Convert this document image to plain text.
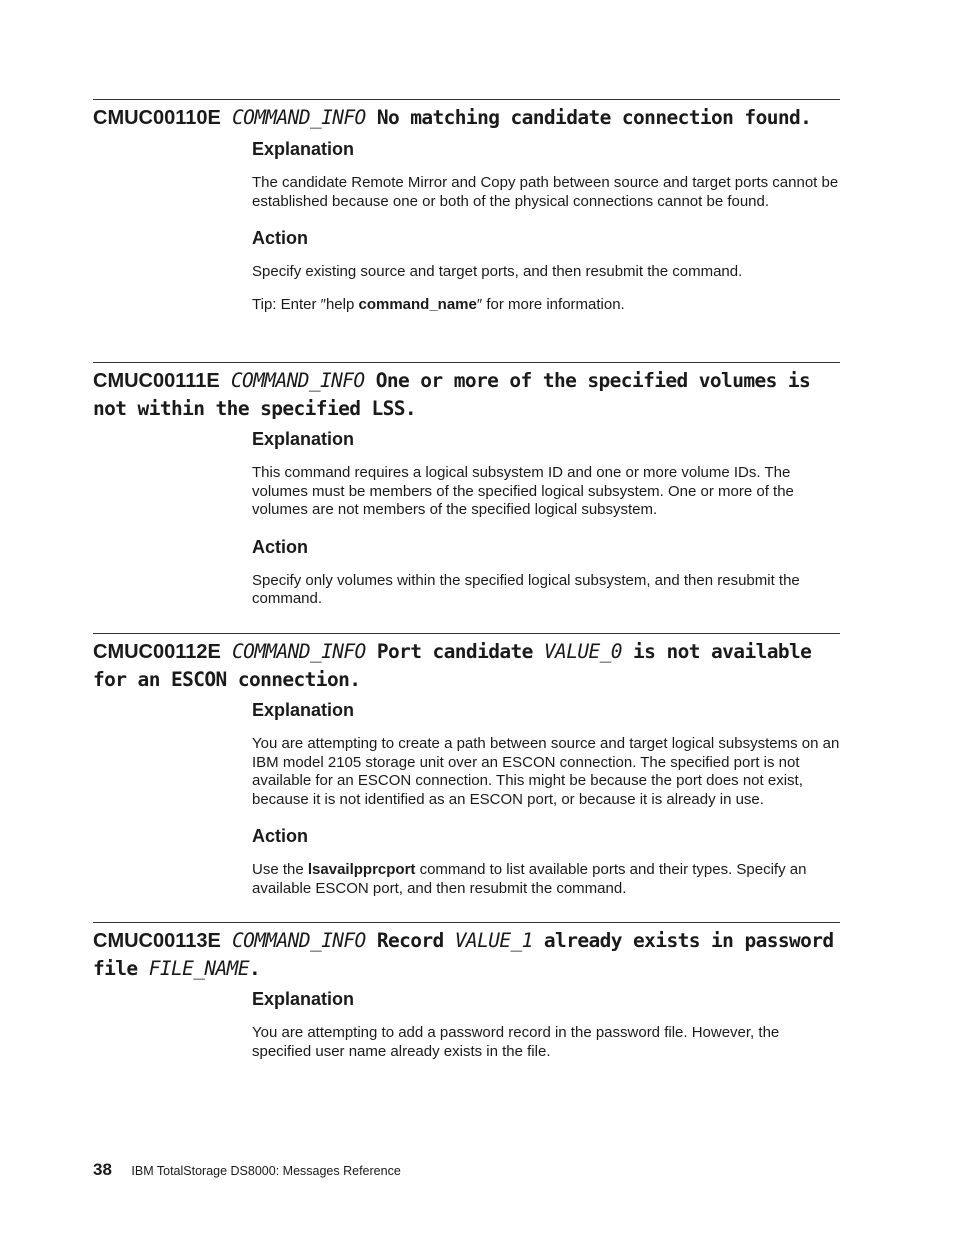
CMUC00110E COMMAND_INFO No matching candidate connection found.
Explanation

The candidate Remote Mirror and Copy path between source and target ports cannot be established because one or both of the physical connections cannot be found.

Action

Specify existing source and target ports, and then resubmit the command.

Tip: Enter ″help command_name″ for more information.

CMUC00111E COMMAND_INFO One or more of the specified volumes is not within the specified LSS.
Explanation

This command requires a logical subsystem ID and one or more volume IDs. The volumes must be members of the specified logical subsystem. One or more of the volumes are not members of the specified logical subsystem.

Action

Specify only volumes within the specified logical subsystem, and then resubmit the command.

CMUC00112E COMMAND_INFO Port candidate VALUE_0 is not available for an ESCON connection.
Explanation

You are attempting to create a path between source and target logical subsystems on an IBM model 2105 storage unit over an ESCON connection. The specified port is not available for an ESCON connection. This might be because the port does not exist, because it is not identified as an ESCON port, or because it is already in use.

Action

Use the lsavailpprcport command to list available ports and their types. Specify an available ESCON port, and then resubmit the command.

CMUC00113E COMMAND_INFO Record VALUE_1 already exists in password file FILE_NAME.
Explanation

You are attempting to add a password record in the password file. However, the specified user name already exists in the file.

38 IBM TotalStorage DS8000: Messages Reference
